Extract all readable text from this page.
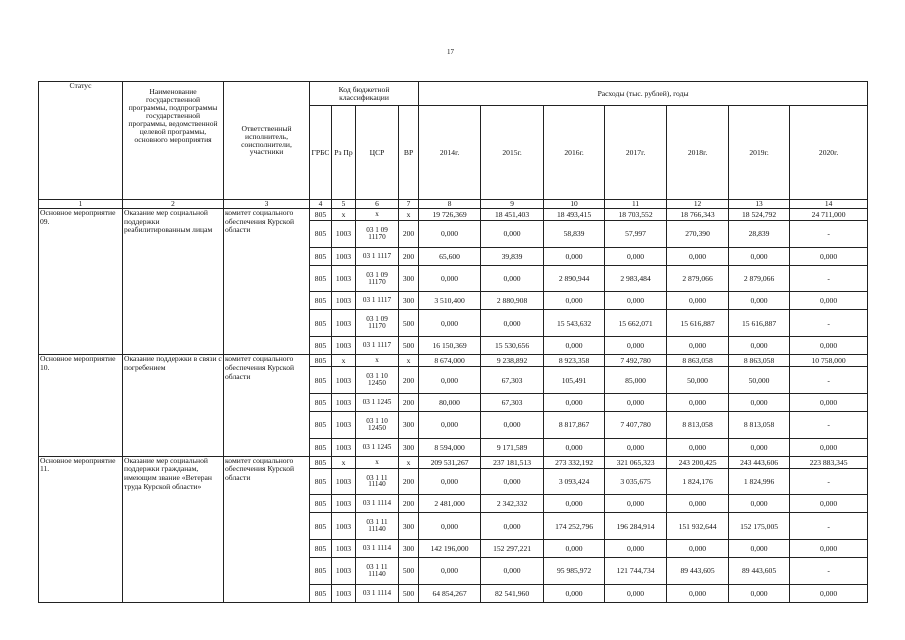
17
Статус	Наименование государственной программы, подпрограммы государственной программы, ведомственной целевой программы, основного мероприятия	Ответственный исполнитель, соисполнители, участники	Код бюджетной классификации				Расходы (тыс. рублей), годы						
			ГРБС	Рз Пр	ЦСР	ВР	2014г.	2015г.	2016г.	2017г.	2018г.	2019г.	2020г.
1	2	3	4	5	6	7	8	9	10	11	12	13	14
Основное мероприятие 09.	Оказание мер социальной поддержки реабилитированным лицам	комитет социального обеспечения Курской области	805	х	х	х	19 726,369	18 451,403	18 493,415	18 703,552	18 766,343	18 524,792	24 711,000
			805	1003	03 1 09 11170	200	0,000	0,000	58,839	57,997	270,390	28,839	-
			805	1003	03 1 1117	200	65,600	39,839	0,000	0,000	0,000	0,000	0,000
			805	1003	03 1 09 11170	300	0,000	0,000	2 890,944	2 983,484	2 879,066	2 879,066	-
			805	1003	03 1 1117	300	3 510,400	2 880,908	0,000	0,000	0,000	0,000	0,000
			805	1003	03 1 09 11170	500	0,000	0,000	15 543,632	15 662,071	15 616,887	15 616,887	-
			805	1003	03 1 1117	500	16 150,369	15 530,656	0,000	0,000	0,000	0,000	0,000
Основное мероприятие 10.	Оказание поддержки в связи с погребением	комитет социального обеспечения Курской области	805	х	х	х	8 674,000	9 238,892	8 923,358	7 492,780	8 863,058	8 863,058	10 758,000
			805	1003	03 1 10 12450	200	0,000	67,303	105,491	85,000	50,000	50,000	-
			805	1003	03 1 1245	200	80,000	67,303	0,000	0,000	0,000	0,000	0,000
			805	1003	03 1 10 12450	300	0,000	0,000	8 817,867	7 407,780	8 813,058	8 813,058	-
			805	1003	03 1 1245	300	8 594,000	9 171,589	0,000	0,000	0,000	0,000	0,000
Основное мероприятие 11.	Оказание мер социальной поддержки гражданам, имеющим звание «Ветеран труда Курской области»	комитет социального обеспечения Курской области	805	х	х	х	209 531,267	237 181,513	273 332,192	321 065,323	243 200,425	243 443,606	223 883,345
			805	1003	03 1 11 11140	200	0,000	0,000	3 093,424	3 035,675	1 824,176	1 824,996	-
			805	1003	03 1 1114	200	2 481,000	2 342,332	0,000	0,000	0,000	0,000	0,000
			805	1003	03 1 11 11140	300	0,000	0,000	174 252,796	196 284,914	151 932,644	152 175,005	-
			805	1003	03 1 1114	300	142 196,000	152 297,221	0,000	0,000	0,000	0,000	0,000
			805	1003	03 1 11 11140	500	0,000	0,000	95 985,972	121 744,734	89 443,605	89 443,605	-
			805	1003	03 1 1114	500	64 854,267	82 541,960	0,000	0,000	0,000	0,000	0,000
